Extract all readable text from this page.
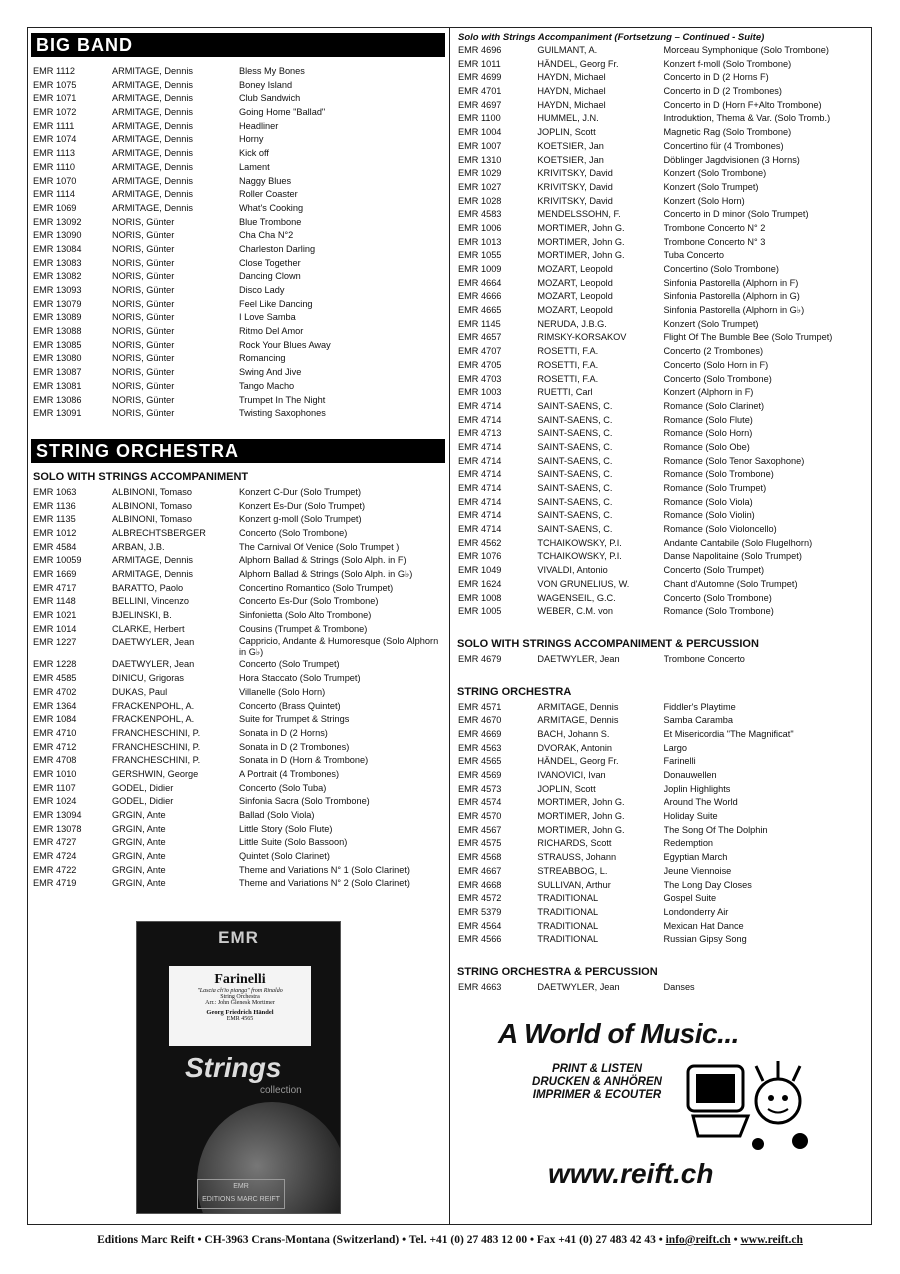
BIG BAND
EMR 1112	ARMITAGE, Dennis	Bless My Bones
EMR 1075	ARMITAGE, Dennis	Boney Island
EMR 1071	ARMITAGE, Dennis	Club Sandwich
EMR 1072	ARMITAGE, Dennis	Going Home "Ballad"
EMR 1111	ARMITAGE, Dennis	Headliner
EMR 1074	ARMITAGE, Dennis	Horny
EMR 1113	ARMITAGE, Dennis	Kick off
EMR 1110	ARMITAGE, Dennis	Lament
EMR 1070	ARMITAGE, Dennis	Naggy Blues
EMR 1114	ARMITAGE, Dennis	Roller Coaster
EMR 1069	ARMITAGE, Dennis	What's Cooking
EMR 13092	NORIS, Günter	Blue Trombone
EMR 13090	NORIS, Günter	Cha Cha N°2
EMR 13084	NORIS, Günter	Charleston Darling
EMR 13083	NORIS, Günter	Close Together
EMR 13082	NORIS, Günter	Dancing Clown
EMR 13093	NORIS, Günter	Disco Lady
EMR 13079	NORIS, Günter	Feel Like Dancing
EMR 13089	NORIS, Günter	I Love Samba
EMR 13088	NORIS, Günter	Ritmo Del Amor
EMR 13085	NORIS, Günter	Rock Your Blues Away
EMR 13080	NORIS, Günter	Romancing
EMR 13087	NORIS, Günter	Swing And Jive
EMR 13081	NORIS, Günter	Tango Macho
EMR 13086	NORIS, Günter	Trumpet In The Night
EMR 13091	NORIS, Günter	Twisting Saxophones
STRING ORCHESTRA
SOLO WITH STRINGS ACCOMPANIMENT
EMR 1063	ALBINONI, Tomaso	Konzert C-Dur (Solo Trumpet)
EMR 1136	ALBINONI, Tomaso	Konzert Es-Dur (Solo Trumpet)
EMR 1135	ALBINONI, Tomaso	Konzert g-moll (Solo Trumpet)
EMR 1012	ALBRECHTSBERGER	Concerto (Solo Trombone)
EMR 4584	ARBAN, J.B.	The Carnival Of Venice (Solo Trumpet )
EMR 10059	ARMITAGE, Dennis	Alphorn Ballad & Strings (Solo Alph. in F)
EMR 1669	ARMITAGE, Dennis	Alphorn Ballad & Strings (Solo Alph. in G♭)
EMR 4717	BARATTO, Paolo	Concertino Romantico (Solo Trumpet)
EMR 1148	BELLINI, Vincenzo	Concerto Es-Dur (Solo Trombone)
EMR 1021	BJELINSKI, B.	Sinfonietta (Solo Alto Trombone)
EMR 1014	CLARKE, Herbert	Cousins (Trumpet & Trombone)
EMR 1227	DAETWYLER, Jean	Cappricio, Andante & Humoresque (Solo Alphorn in G♭)
EMR 1228	DAETWYLER, Jean	Concerto (Solo Trumpet)
EMR 4585	DINICU, Grigoras	Hora Staccato (Solo Trumpet)
EMR 4702	DUKAS, Paul	Villanelle (Solo Horn)
EMR 1364	FRACKENPOHL, A.	Concerto (Brass Quintet)
EMR 1084	FRACKENPOHL, A.	Suite for Trumpet & Strings
EMR 4710	FRANCHESCHINI, P.	Sonata in D (2 Horns)
EMR 4712	FRANCHESCHINI, P.	Sonata in D (2 Trombones)
EMR 4708	FRANCHESCHINI, P.	Sonata in D (Horn & Trombone)
EMR 1010	GERSHWIN, George	A Portrait (4 Trombones)
EMR 1107	GODEL, Didier	Concerto (Solo Tuba)
EMR 1024	GODEL, Didier	Sinfonia Sacra (Solo Trombone)
EMR 13094	GRGIN, Ante	Ballad (Solo Viola)
EMR 13078	GRGIN, Ante	Little Story (Solo Flute)
EMR 4727	GRGIN, Ante	Little Suite (Solo Bassoon)
EMR 4724	GRGIN, Ante	Quintet (Solo Clarinet)
EMR 4722	GRGIN, Ante	Theme and Variations N° 1 (Solo Clarinet)
EMR 4719	GRGIN, Ante	Theme and Variations N° 2 (Solo Clarinet)
EMR
Farinelli
"Lascia ch'io pianga" from Rinaldo
String Orchestra
Arr.: John Glenesk Mortimer
Georg Friedrich Händel
EMR 4565
Strings
collection
EMR
EDITIONS MARC REIFT
Solo with Strings Accompaniment (Fortsetzung – Continued - Suite)
EMR 4696	GUILMANT, A.	Morceau Symphonique (Solo Trombone)
EMR 1011	HÄNDEL, Georg Fr.	Konzert f-moll (Solo Trombone)
EMR 4699	HAYDN, Michael	Concerto in D (2 Horns F)
EMR 4701	HAYDN, Michael	Concerto in D (2 Trombones)
EMR 4697	HAYDN, Michael	Concerto in D (Horn F+Alto Trombone)
EMR 1100	HUMMEL, J.N.	Introduktion, Thema & Var. (Solo Tromb.)
EMR 1004	JOPLIN, Scott	Magnetic Rag (Solo Trombone)
EMR 1007	KOETSIER, Jan	Concertino für (4 Trombones)
EMR 1310	KOETSIER, Jan	Döblinger Jagdvisionen (3 Horns)
EMR 1029	KRIVITSKY, David	Konzert (Solo Trombone)
EMR 1027	KRIVITSKY, David	Konzert (Solo Trumpet)
EMR 1028	KRIVITSKY, David	Konzert (Solo Horn)
EMR 4583	MENDELSSOHN, F.	Concerto in D minor (Solo Trumpet)
EMR 1006	MORTIMER, John G.	Trombone Concerto N° 2
EMR 1013	MORTIMER, John G.	Trombone Concerto N° 3
EMR 1055	MORTIMER, John G.	Tuba Concerto
EMR 1009	MOZART, Leopold	Concertino (Solo Trombone)
EMR 4664	MOZART, Leopold	Sinfonia Pastorella (Alphorn in F)
EMR 4666	MOZART, Leopold	Sinfonia Pastorella (Alphorn in G)
EMR 4665	MOZART, Leopold	Sinfonia Pastorella (Alphorn in G♭)
EMR 1145	NERUDA, J.B.G.	Konzert (Solo Trumpet)
EMR 4657	RIMSKY-KORSAKOV	Flight Of The Bumble Bee (Solo Trumpet)
EMR 4707	ROSETTI, F.A.	Concerto (2 Trombones)
EMR 4705	ROSETTI, F.A.	Concerto (Solo Horn in F)
EMR 4703	ROSETTI, F.A.	Concerto (Solo Trombone)
EMR 1003	RUETTI, Carl	Konzert (Alphorn in F)
EMR 4714	SAINT-SAENS, C.	Romance (Solo Clarinet)
EMR 4714	SAINT-SAENS, C.	Romance (Solo Flute)
EMR 4713	SAINT-SAENS, C.	Romance (Solo Horn)
EMR 4714	SAINT-SAENS, C.	Romance (Solo Obe)
EMR 4714	SAINT-SAENS, C.	Romance (Solo Tenor Saxophone)
EMR 4714	SAINT-SAENS, C.	Romance (Solo Trombone)
EMR 4714	SAINT-SAENS, C.	Romance (Solo Trumpet)
EMR 4714	SAINT-SAENS, C.	Romance (Solo Viola)
EMR 4714	SAINT-SAENS, C.	Romance (Solo Violin)
EMR 4714	SAINT-SAENS, C.	Romance (Solo Violoncello)
EMR 4562	TCHAIKOWSKY, P.I.	Andante Cantabile (Solo Flugelhorn)
EMR 1076	TCHAIKOWSKY, P.I.	Danse Napolitaine (Solo Trumpet)
EMR 1049	VIVALDI, Antonio	Concerto (Solo Trumpet)
EMR 1624	VON GRUNELIUS, W.	Chant d'Automne (Solo Trumpet)
EMR 1008	WAGENSEIL, G.C.	Concerto (Solo Trombone)
EMR 1005	WEBER, C.M. von	Romance (Solo Trombone)
SOLO WITH STRINGS ACCOMPANIMENT & PERCUSSION
EMR 4679	DAETWYLER, Jean	Trombone Concerto
STRING ORCHESTRA
EMR 4571	ARMITAGE, Dennis	Fiddler's Playtime
EMR 4670	ARMITAGE, Dennis	Samba Caramba
EMR 4669	BACH, Johann S.	Et Misericordia "The Magnificat"
EMR 4563	DVORAK, Antonin	Largo
EMR 4565	HÄNDEL, Georg Fr.	Farinelli
EMR 4569	IVANOVICI, Ivan	Donauwellen
EMR 4573	JOPLIN, Scott	Joplin Highlights
EMR 4574	MORTIMER, John G.	Around The World
EMR 4570	MORTIMER, John G.	Holiday Suite
EMR 4567	MORTIMER, John G.	The Song Of The Dolphin
EMR 4575	RICHARDS, Scott	Redemption
EMR 4568	STRAUSS, Johann	Egyptian March
EMR 4667	STREABBOG, L.	Jeune Viennoise
EMR 4668	SULLIVAN, Arthur	The Long Day Closes
EMR 4572	TRADITIONAL	Gospel Suite
EMR 5379	TRADITIONAL	Londonderry Air
EMR 4564	TRADITIONAL	Mexican Hat Dance
EMR 4566	TRADITIONAL	Russian Gipsy Song
STRING ORCHESTRA & PERCUSSION
EMR 4663	DAETWYLER, Jean	Danses
A World of Music...
PRINT & LISTEN
DRUCKEN & ANHÖREN
IMPRIMER & ECOUTER
www.reift.ch
Editions Marc Reift • CH-3963 Crans-Montana (Switzerland) • Tel. +41 (0) 27 483 12 00 • Fax +41 (0) 27 483 42 43 • info@reift.ch • www.reift.ch
